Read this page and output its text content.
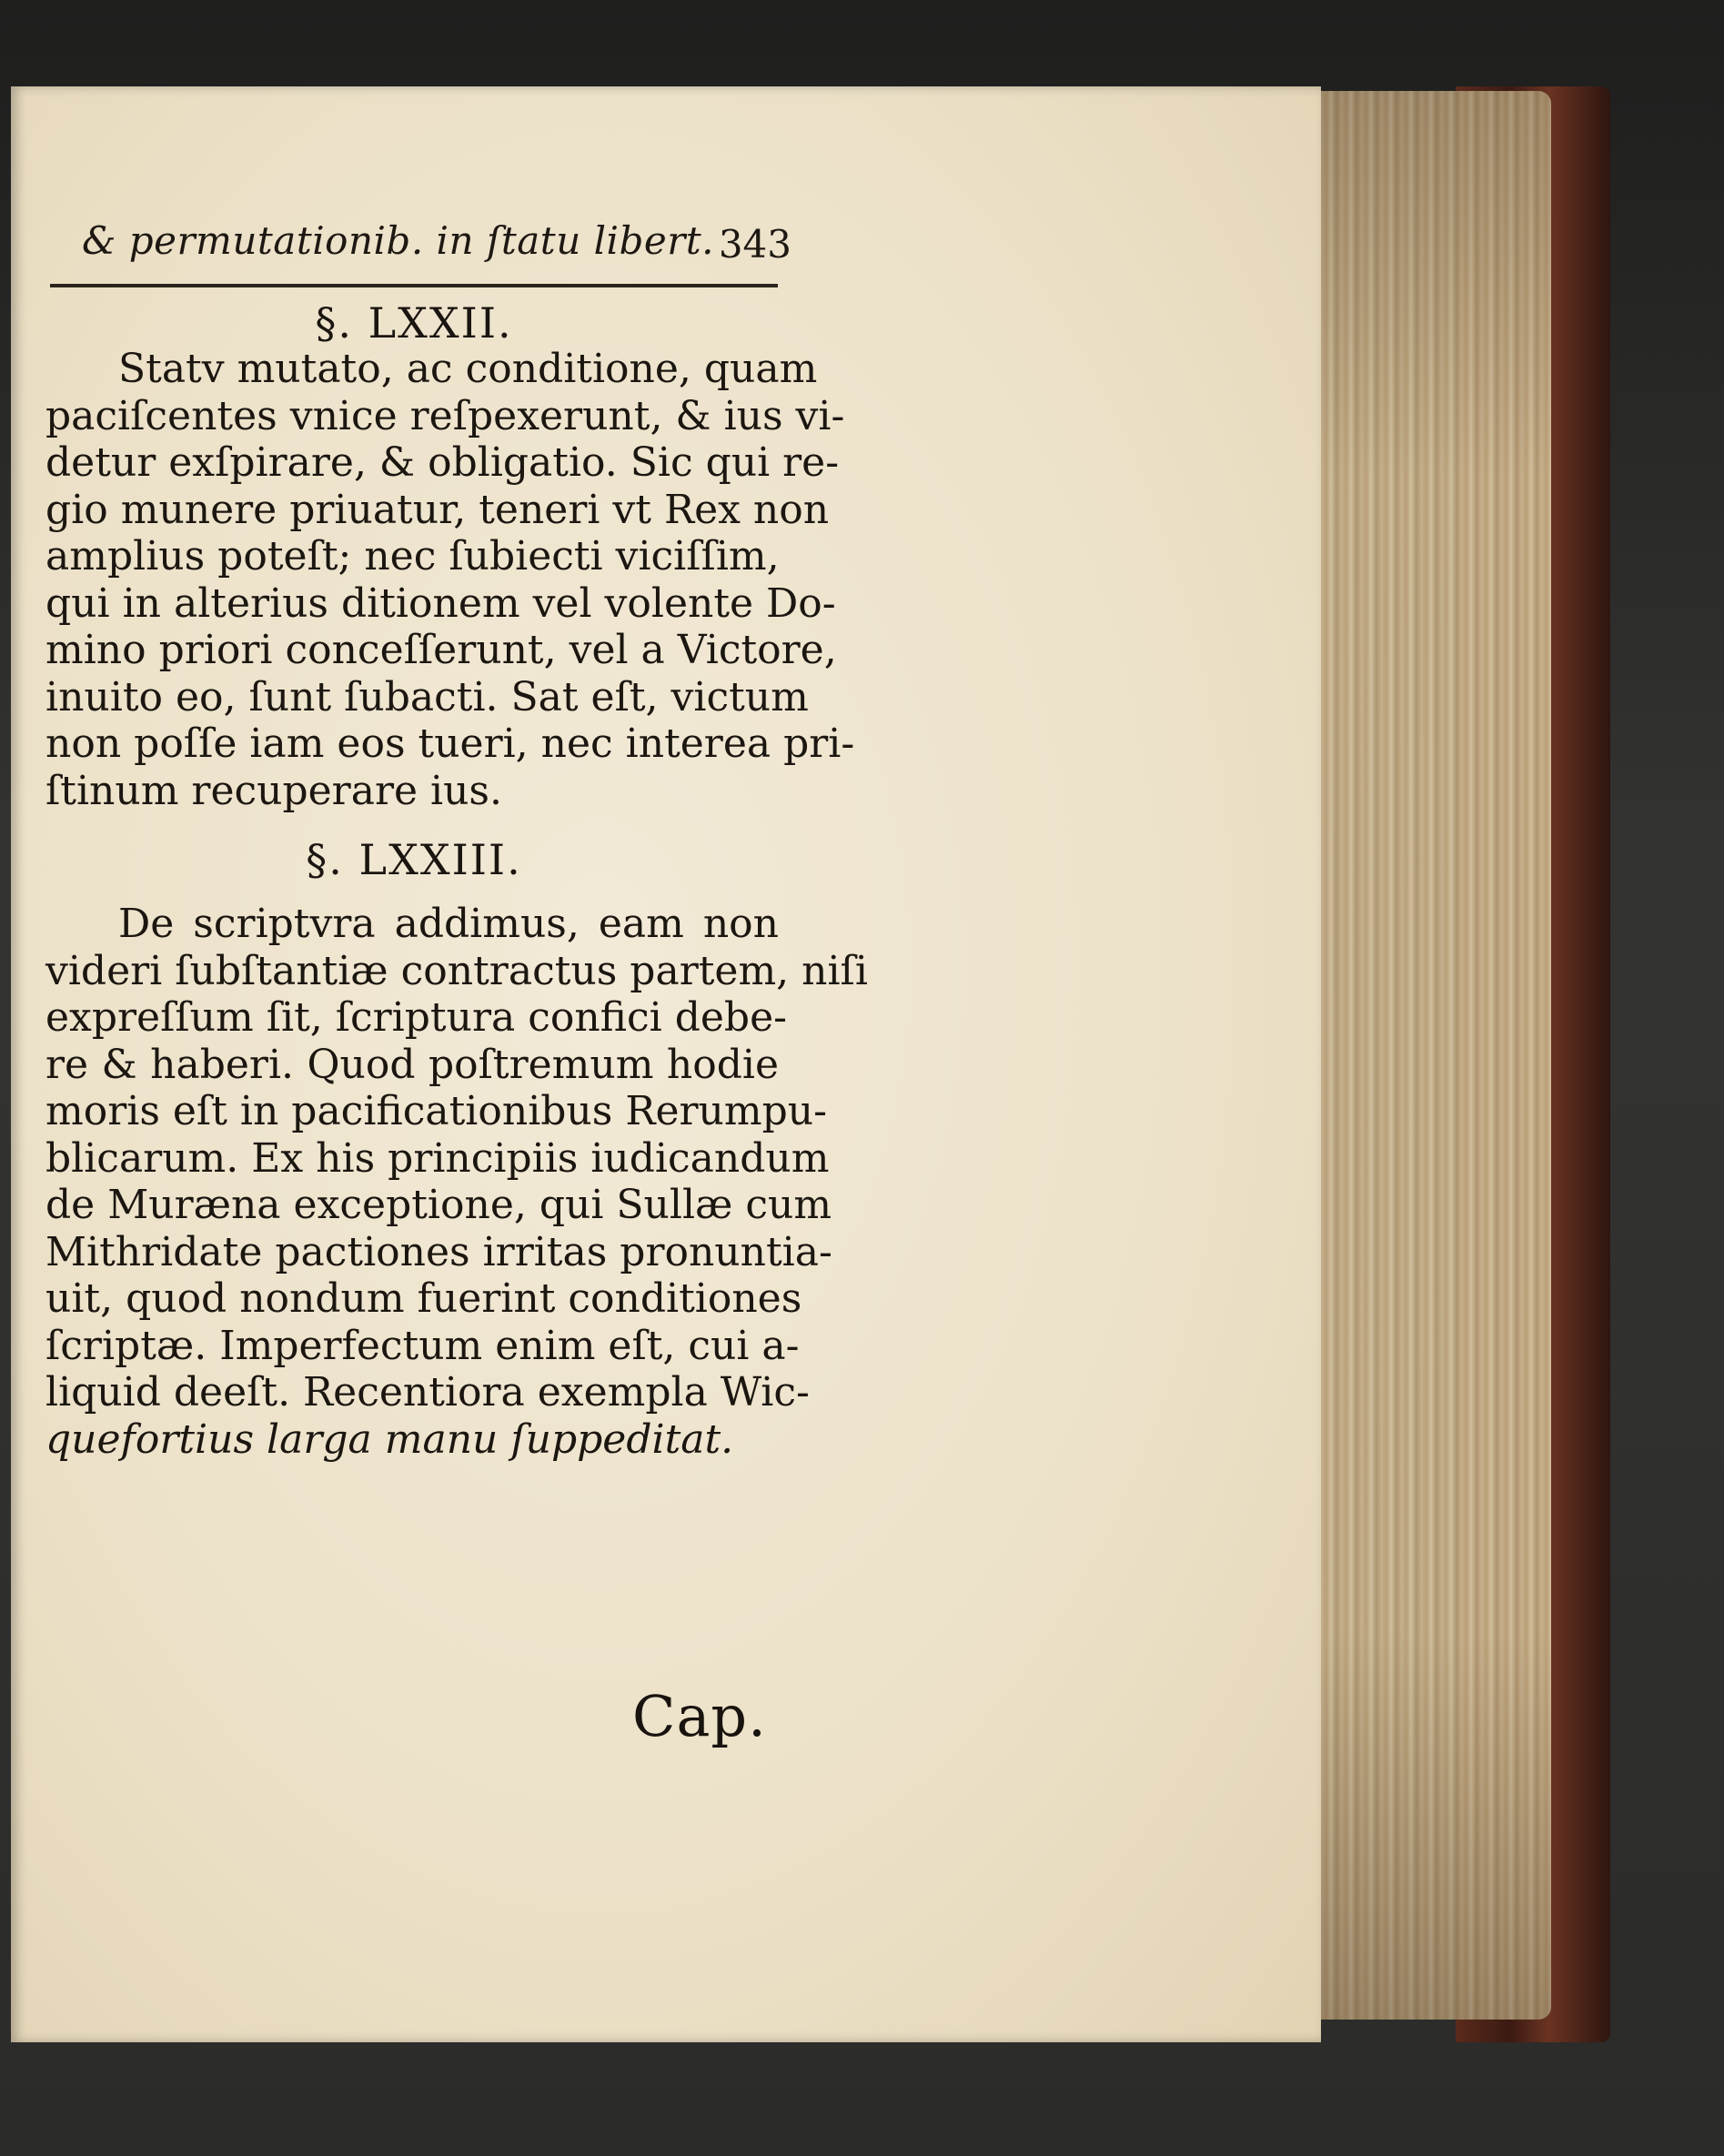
& permutationib. in ſtatu libert. 343
§. LXXII.
Statv mutato, ac conditione, quam
paciſcentes vnice reſpexerunt, & ius vi-
detur exſpirare, & obligatio. Sic qui re-
gio munere priuatur, teneri vt Rex non
amplius poteſt; nec ſubiecti viciſſim,
qui in alterius ditionem vel volente Do-
mino priori conceſſerunt, vel a Victore,
inuito eo, ſunt ſubacti. Sat eſt, victum
non poſſe iam eos tueri, nec interea pri-
ſtinum recuperare ius.
§. LXXIII.
De scriptvra addimus, eam non
videri ſubſtantiæ contractus partem, niſi
expreſſum ſit, ſcriptura confici debe-
re & haberi. Quod poſtremum hodie
moris eſt in pacificationibus Rerumpu-
blicarum. Ex his principiis iudicandum
de Muræna exceptione, qui Sullæ cum
Mithridate pactiones irritas pronuntia-
uit, quod nondum fuerint conditiones
ſcriptæ. Imperfectum enim eſt, cui a-
liquid deeſt. Recentiora exempla Wic-
quefortius larga manu ſuppeditat.
Cap.
